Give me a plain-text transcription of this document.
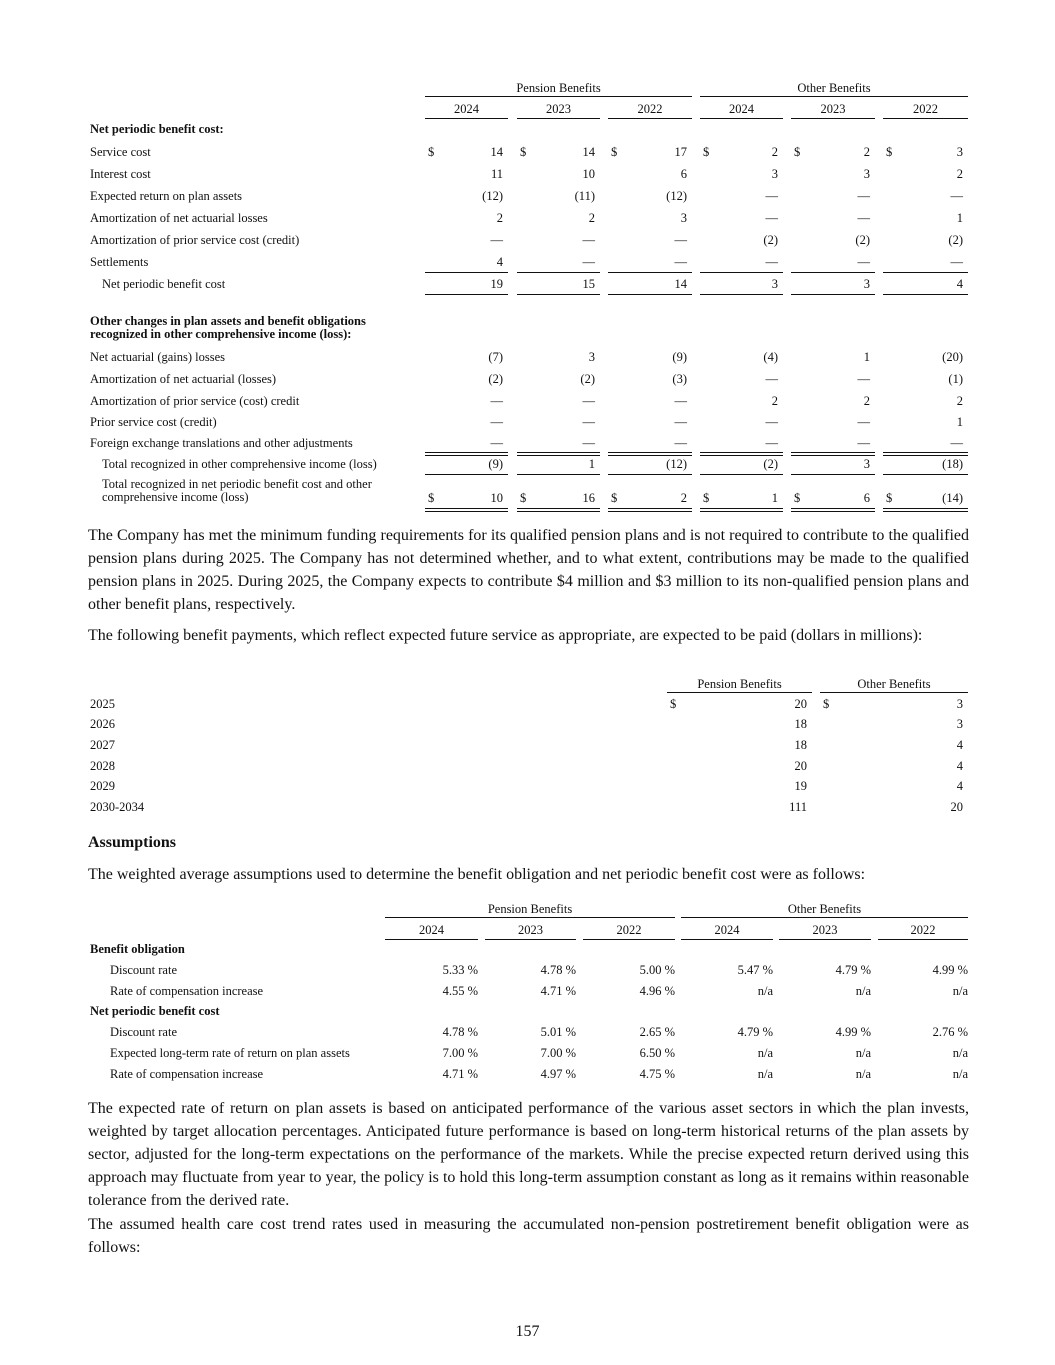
Pension Benefits	Other Benefits
2024	2023	2022	2024	2023	2022
Net periodic benefit cost:
Service cost	$	14 $	14 $	17 $	2 $	2 $	3
Interest cost	11	10	6	3	3	2
Expected return on plan assets	(12)	(11)	(12)	—	—	—
Amortization of net actuarial losses	2	2	3	—	—	1
Amortization of prior service cost (credit)	—	—	—	(2)	(2)	(2)
Settlements	4	—	—	—	—	—
Net periodic benefit cost	19	15	14	3	3	4
Other changes in plan assets and benefit obligations
recognized in other comprehensive income (loss):
Net actuarial (gains) losses	(7)	3	(9)	(4)	1	(20)
Amortization of net actuarial (losses)	(2)	(2)	(3)	—	—	(1)
Amortization of prior service (cost) credit	—	—	—	2	2	2
Prior service cost (credit)	—	—	—	—	—	1
Foreign exchange translations and other adjustments	—	—	—	—	—	—
Total recognized in other comprehensive income (loss)	(9)	1	(12)	(2)	3	(18)
Total recognized in net periodic benefit cost and other
comprehensive income (loss)	$	10 $	16 $	2 $	1 $	6 $	(14)
The Company has met the minimum funding requirements for its qualified pension plans and is not required to contribute to the qualified pension plans during 2025. The Company has not determined whether, and to what extent, contributions may be made to the qualified pension plans in 2025. During 2025, the Company expects to contribute $4 million and $3 million to its non-qualified pension plans and other benefit plans, respectively.
The following benefit payments, which reflect expected future service as appropriate, are expected to be paid (dollars in millions):
Pension Benefits	Other Benefits
2025	$	20 $	3
2026	18	3
2027	18	4
2028	20	4
2029	19	4
2030-2034	111	20
Assumptions
The weighted average assumptions used to determine the benefit obligation and net periodic benefit cost were as follows:
Pension Benefits	Other Benefits
2024	2023	2022	2024	2023	2022
Benefit obligation
Discount rate	5.33 %	4.78 %	5.00 %	5.47 %	4.79 %	4.99 %
Rate of compensation increase	4.55 %	4.71 %	4.96 %	n/a	n/a	n/a
Net periodic benefit cost
Discount rate	4.78 %	5.01 %	2.65 %	4.79 %	4.99 %	2.76 %
Expected long-term rate of return on plan assets	7.00 %	7.00 %	6.50 %	n/a	n/a	n/a
Rate of compensation increase	4.71 %	4.97 %	4.75 %	n/a	n/a	n/a
The expected rate of return on plan assets is based on anticipated performance of the various asset sectors in which the plan invests, weighted by target allocation percentages. Anticipated future performance is based on long-term historical returns of the plan assets by sector, adjusted for the long-term expectations on the performance of the markets. While the precise expected return derived using this approach may fluctuate from year to year, the policy is to hold this long-term assumption constant as long as it remains within reasonable tolerance from the derived rate.
The assumed health care cost trend rates used in measuring the accumulated non-pension postretirement benefit obligation were as follows:
157
